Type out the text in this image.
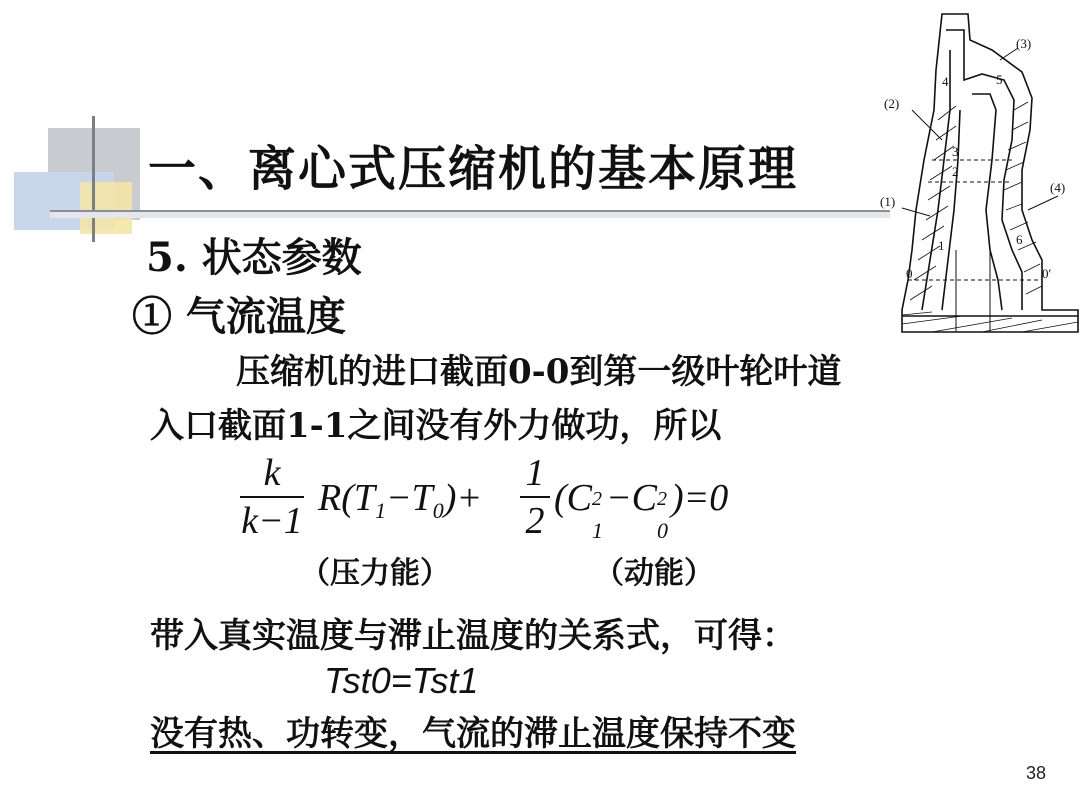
一、离心式压缩机的基本原理
5. 状态参数
① 气流温度
压缩机的进口截面0-0到第一级叶轮叶道
入口截面1-1之间没有外力做功，所以
k
k−1
$R(T_1-T_0)+$
1
2
(C 2
1
−C 2
0
)=0
（压力能）	（动能）
带入真实温度与滞止温度的关系式，可得：
Tst0=Tst1
没有热、功转变，气流的滞止温度保持不变
38
(3)
(2)
(1)
(4)
4	5
3
2
1	6
0	0′
